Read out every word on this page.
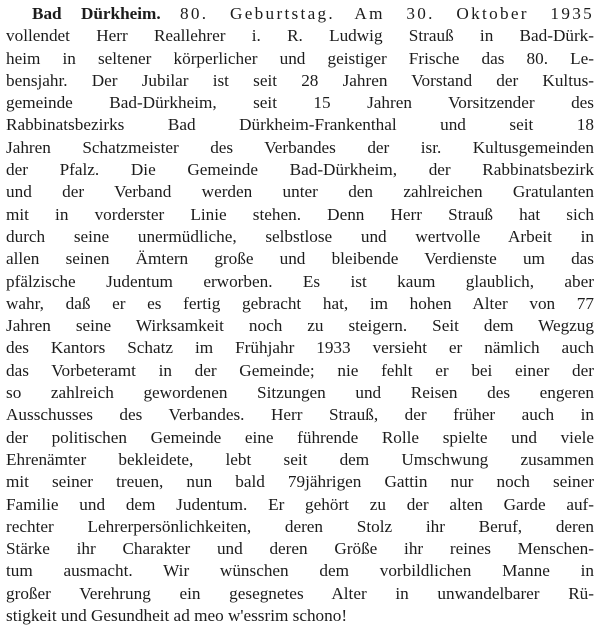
Bad Dürkheim. 80. Geburtstag. Am 30. Oktober 1935
vollendet Herr Reallehrer i. R. Ludwig Strauß in Bad-Dürk-
heim in seltener körperlicher und geistiger Frische das 80. Le-
bensjahr. Der Jubilar ist seit 28 Jahren Vorstand der Kultus-
gemeinde Bad-Dürkheim, seit 15 Jahren Vorsitzender des
Rabbinatsbezirks Bad Dürkheim-Frankenthal und seit 18
Jahren Schatzmeister des Verbandes der isr. Kultusgemeinden
der Pfalz. Die Gemeinde Bad-Dürkheim, der Rabbinatsbezirk
und der Verband werden unter den zahlreichen Gratulanten
mit in vorderster Linie stehen. Denn Herr Strauß hat sich
durch seine unermüdliche, selbstlose und wertvolle Arbeit in
allen seinen Ämtern große und bleibende Verdienste um das
pfälzische Judentum erworben. Es ist kaum glaublich, aber
wahr, daß er es fertig gebracht hat, im hohen Alter von 77
Jahren seine Wirksamkeit noch zu steigern. Seit dem Wegzug
des Kantors Schatz im Frühjahr 1933 versieht er nämlich auch
das Vorbeteramt in der Gemeinde; nie fehlt er bei einer der
so zahlreich gewordenen Sitzungen und Reisen des engeren
Ausschusses des Verbandes. Herr Strauß, der früher auch in
der politischen Gemeinde eine führende Rolle spielte und viele
Ehrenämter bekleidete, lebt seit dem Umschwung zusammen
mit seiner treuen, nun bald 79jährigen Gattin nur noch seiner
Familie und dem Judentum. Er gehört zu der alten Garde auf-
rechter Lehrerpersönlichkeiten, deren Stolz ihr Beruf, deren
Stärke ihr Charakter und deren Größe ihr reines Menschen-
tum ausmacht. Wir wünschen dem vorbildlichen Manne in
großer Verehrung ein gesegnetes Alter in unwandelbarer Rü-
stigkeit und Gesundheit ad meo w'essrim schono!
